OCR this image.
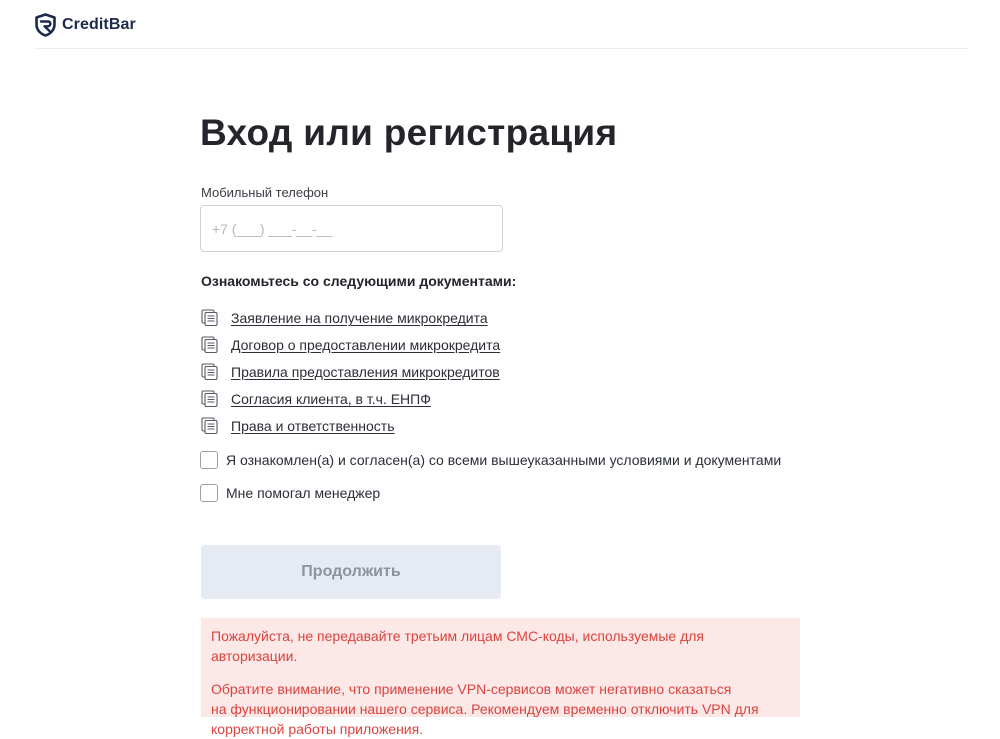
CreditBar
Вход или регистрация
Мобильный телефон
+7 (___) ___-__-__
Ознакомьтесь со следующими документами:
Заявление на получение микрокредита
Договор о предоставлении микрокредита
Правила предоставления микрокредитов
Согласия клиента, в т.ч. ЕНПФ
Права и ответственность
Я ознакомлен(а) и согласен(а) со всеми вышеуказанными условиями и документами
Мне помогал менеджер
Продолжить

Пожалуйста, не передавайте третьим лицам СМС-коды, используемые для авторизации.

Обратите внимание, что применение VPN-сервисов может негативно сказаться
на функционировании нашего сервиса. Рекомендуем временно отключить VPN для
корректной работы приложения.
